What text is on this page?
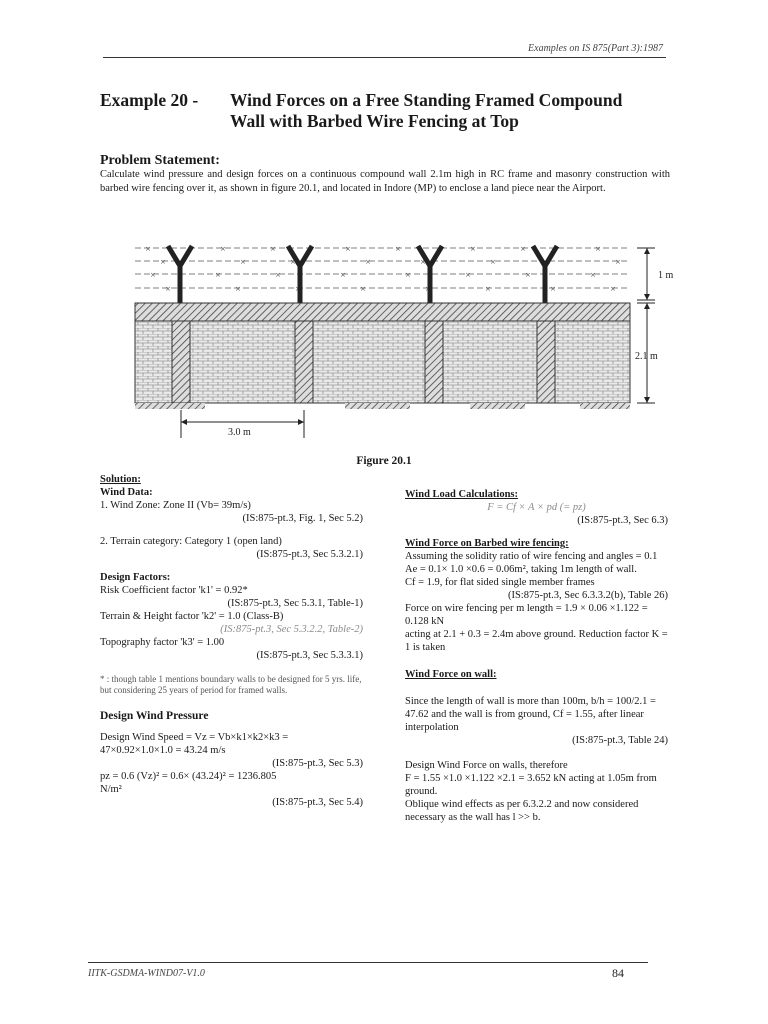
Examples on IS 875(Part 3):1987
Example 20 - Wind Forces on a Free Standing Framed Compound
Wall with Barbed Wire Fencing at Top
Problem Statement:
Calculate wind pressure and design forces on a continuous compound wall 2.1m high in RC frame and masonry construction with barbed wire fencing over it, as shown in figure 20.1, and located in Indore (MP) to enclose a land piece near the Airport.
×	×	×	×	×	×	×	×
×	×	×	×	×	×	×	×
×	×	×	×	×	×	×	×
×	×	×	×	×	×	×	×
1 m
2.1 m
3.0 m
Figure 20.1

Solution:

Wind Data:

1. Wind Zone: Zone II (Vb= 39m/s)

(IS:875-pt.3, Fig. 1, Sec 5.2)

2. Terrain category: Category 1 (open land)

(IS:875-pt.3, Sec 5.3.2.1)

Design Factors:

Risk Coefficient factor 'k1' = 0.92*

(IS:875-pt.3, Sec 5.3.1, Table-1)

Terrain & Height factor 'k2' = 1.0 (Class-B)

(IS:875-pt.3, Sec 5.3.2.2, Table-2)

Topography factor 'k3' = 1.00

(IS:875-pt.3, Sec 5.3.3.1)

* : though table 1 mentions boundary walls to be designed for 5 yrs. life, but considering 25 years of period for framed walls.

Design Wind Pressure

Design Wind Speed = Vz = Vb×k1×k2×k3 =

47×0.92×1.0×1.0 = 43.24 m/s

(IS:875-pt.3, Sec 5.3)

pz = 0.6 (Vz)² = 0.6× (43.24)² = 1236.805

N/m²

(IS:875-pt.3, Sec 5.4)

Wind Load Calculations:

F = Cf × A × pd (= pz)

(IS:875-pt.3, Sec 6.3)

Wind Force on Barbed wire fencing:

Assuming the solidity ratio of wire fencing and angles = 0.1

Ae = 0.1× 1.0 ×0.6 = 0.06m², taking 1m length of wall.

Cf = 1.9, for flat sided single member frames

(IS:875-pt.3, Sec 6.3.3.2(b), Table 26)

Force on wire fencing per m length = 1.9 × 0.06 ×1.122 = 0.128 kN

acting at 2.1 + 0.3 = 2.4m above ground. Reduction factor K = 1 is taken

Wind Force on wall:

Since the length of wall is more than 100m, b/h = 100/2.1 = 47.62 and the wall is from ground, Cf = 1.55, after linear interpolation

(IS:875-pt.3, Table 24)

Design Wind Force on walls, therefore

F = 1.55 ×1.0 ×1.122 ×2.1 = 3.652 kN acting at 1.05m from ground.

Oblique wind effects as per 6.3.2.2 and now considered necessary as the wall has l >> b.

IITK-GSDMA-WIND07-V1.0	84
